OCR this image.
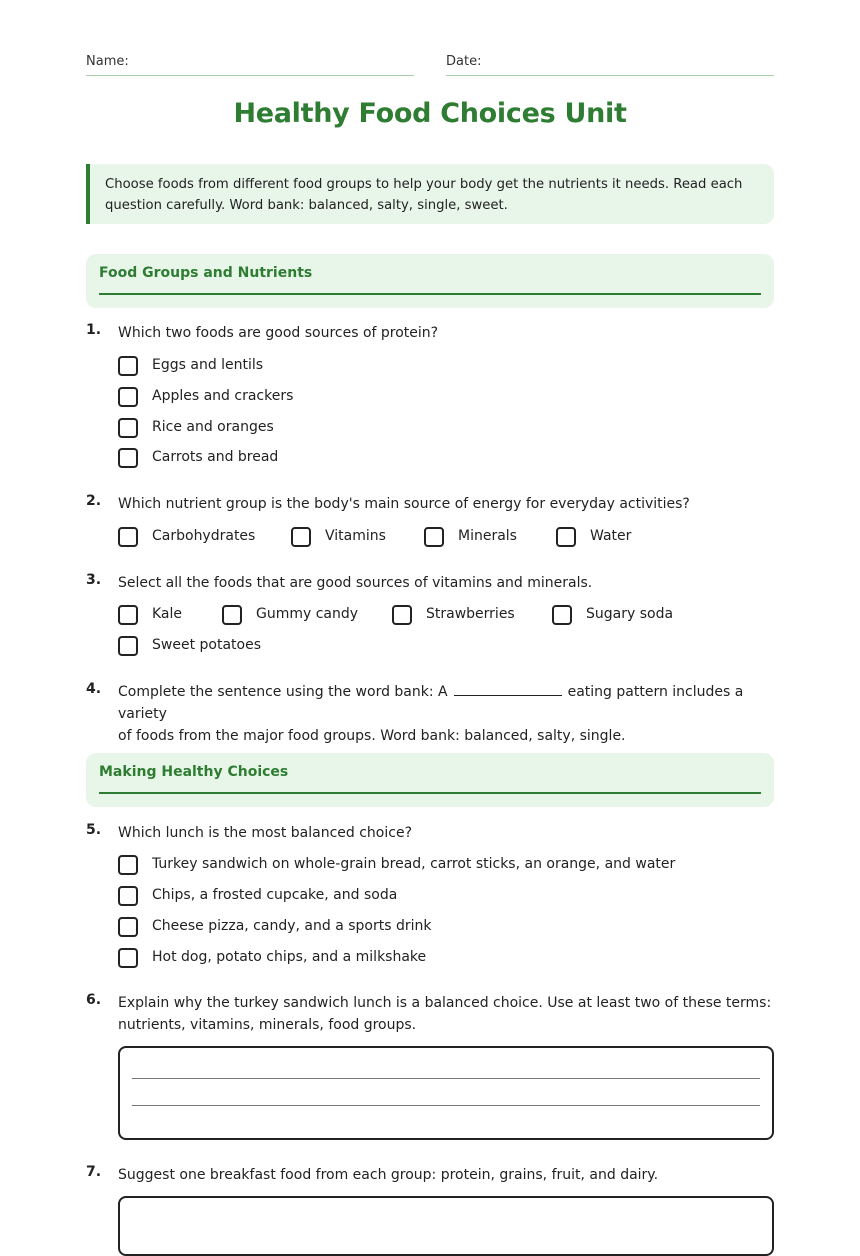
Name:	Date:
Healthy Food Choices Unit
Choose foods from different food groups to help your body get the nutrients it needs. Read each question carefully. Word bank: balanced, salty, single, sweet.
Food Groups and Nutrients
1. Which two foods are good sources of protein?
Eggs and lentils
Apples and crackers
Rice and oranges
Carrots and bread
2. Which nutrient group is the body's main source of energy for everyday activities?
Carbohydrates	Vitamins	Minerals	Water
3. Select all the foods that are good sources of vitamins and minerals.
Kale	Gummy candy	Strawberries	Sugary soda
Sweet potatoes
4. Complete the sentence using the word bank: A	eating pattern includes a variety
of foods from the major food groups. Word bank: balanced, salty, single.
Making Healthy Choices
5. Which lunch is the most balanced choice?
Turkey sandwich on whole-grain bread, carrot sticks, an orange, and water
Chips, a frosted cupcake, and soda
Cheese pizza, candy, and a sports drink
Hot dog, potato chips, and a milkshake
6. Explain why the turkey sandwich lunch is a balanced choice. Use at least two of these terms: nutrients, vitamins, minerals, food groups.
7. Suggest one breakfast food from each group: protein, grains, fruit, and dairy.
